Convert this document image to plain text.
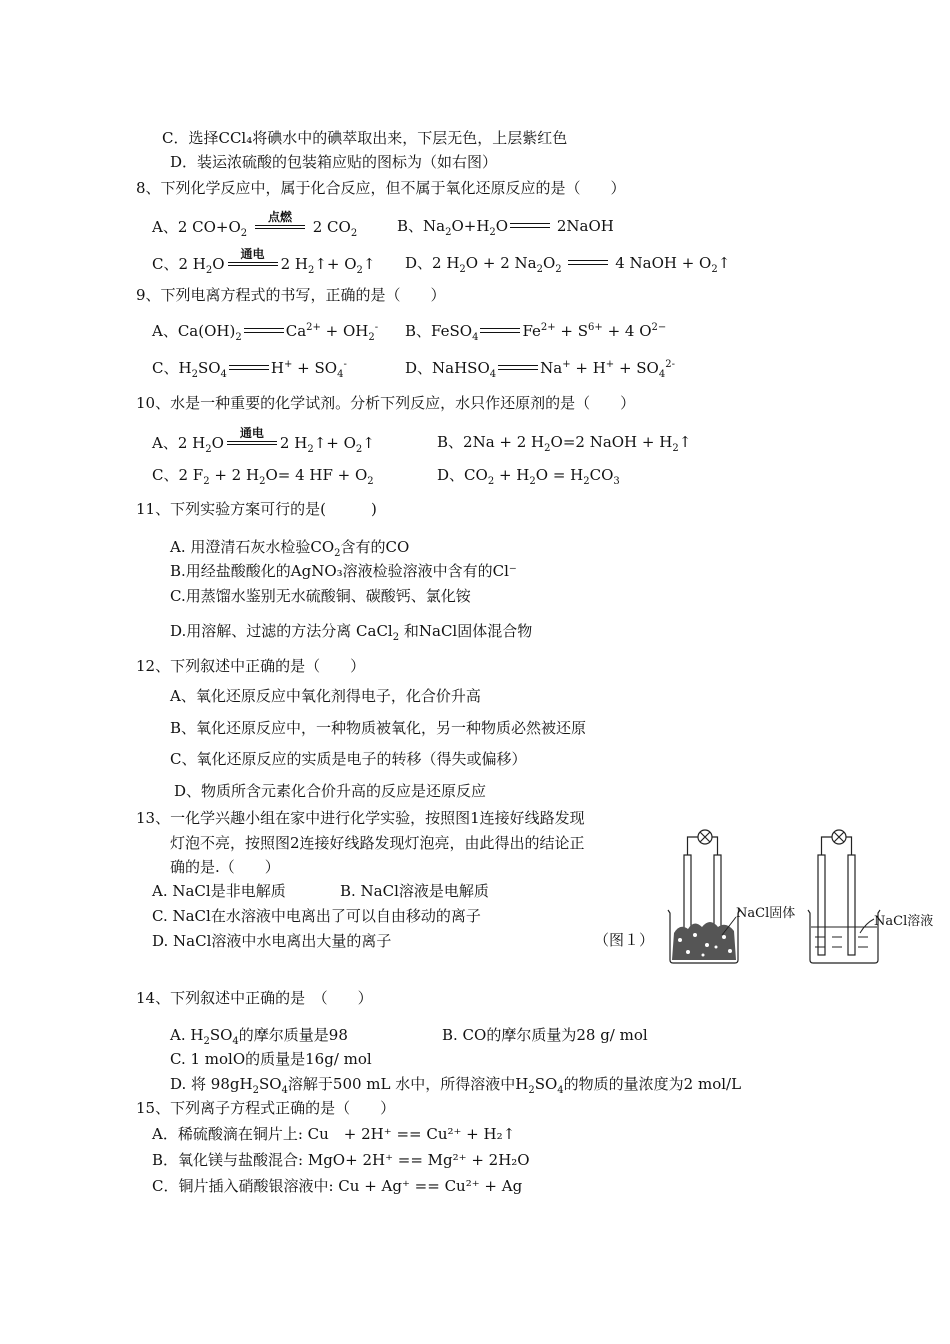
C．选择CCl₄将碘水中的碘萃取出来，下层无色，上层紫红色
D．装运浓硫酸的包装箱应贴的图标为（如右图）
8、下列化学反应中，属于化合反应，但不属于氧化还原反应的是（　　）
A、2 $CO+O_2$
点燃
2 $CO_2$	B、$Na_2O+H_2O$	2NaOH
C、2 $H_2O$
通电
2 $H_2↑+$ $O_2↑$ D、2 $H_2O + 2$ $Na_2O_2$	4 NaOH + $O_2↑$
9、下列电离方程式的书写，正确的是（　　）
A、$Ca(OH)_2$	$Ca^{2+} + OH_2^-$ B、FeSO$_4$	$Fe^{2+} + S^{6+} + 4$ $O^{2-}$
C、$H_2SO_4$	$H^+ + SO_4^-$	D、NaHSO$_4$	$Na^+ + H^+ + SO_4^{2-}$
10、水是一种重要的化学试剂。分析下列反应，水只作还原剂的是（　　）
A、2 $H_2O$
通电
2 $H_2↑+$ $O_2↑$	B、2Na + 2 $H_2O=2$ NaOH + $H_2↑$
C、2 $F_2 + 2$ $H_2O= 4$ HF + $O_2$	D、$CO_2 + H_2O = H_2CO_3$
11、下列实验方案可行的是(　　　)
A. 用澄清石灰水检验$CO_2$含有的CO
B.用经盐酸酸化的AgNO₃溶液检验溶液中含有的Cl⁻
C.用蒸馏水鉴别无水硫酸铜、碳酸钙、氯化铵
D.用溶解、过滤的方法分离 CaCl$_2$ 和NaCl固体混合物
12、下列叙述中正确的是（　　）
A、氧化还原反应中氧化剂得电子，化合价升高
B、氧化还原反应中，一种物质被氧化，另一种物质必然被还原
C、氧化还原反应的实质是电子的转移（得失或偏移）
D、物质所含元素化合价升高的反应是还原反应
13、一化学兴趣小组在家中进行化学实验，按照图1连接好线路发现
灯泡不亮，按照图2连接好线路发现灯泡亮，由此得出的结论正
确的是.（　　）
A. NaCl是非电解质	B. NaCl溶液是电解质
C. NaCl在水溶液中电离出了可以自由移动的离子
D. NaCl溶液中水电离出大量的离子	（图１）
NaCl固体
NaCl溶液
14、下列叙述中正确的是　（　　）
A. $H_2SO_4$的摩尔质量是98	B. CO的摩尔质量为28 g/ mol
C. 1 molO的质量是16g/ mol
D. 将 $98gH_2SO_4$溶解于500 mL 水中，所得溶液中$H_2SO_4$的物质的量浓度为2 mol/L
15、下列离子方程式正确的是（　　）
A．稀硫酸滴在铜片上: Cu　+ 2H⁺ == Cu²⁺ + H₂↑
B．氧化镁与盐酸混合: MgO+ 2H⁺ == Mg²⁺ + 2H₂O
C．铜片插入硝酸银溶液中: Cu + Ag⁺ == Cu²⁺ + Ag
